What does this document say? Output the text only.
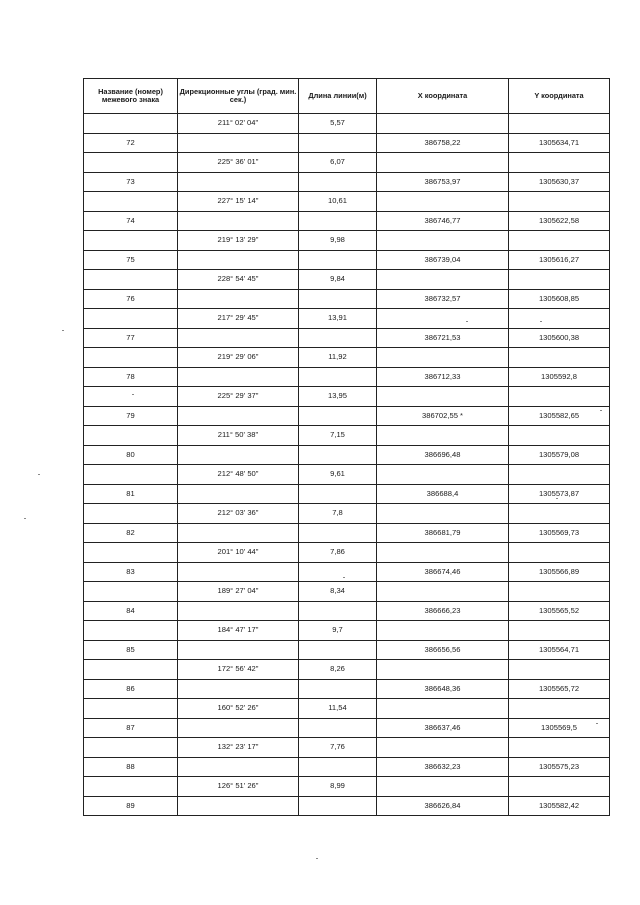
Название (номер) межевого знака	Дирекционные углы (град. мин. сек.)	Длина линии(м)	X координата	Y координата
	211° 02' 04"	5,57		
72			386758,22	1305634,71
	225° 36' 01"	6,07		
73			386753,97	1305630,37
	227° 15' 14"	10,61		
74			386746,77	1305622,58
	219° 13' 29"	9,98		
75			386739,04	1305616,27
	228° 54' 45"	9,84		
76			386732,57	1305608,85
	217° 29' 45"	13,91		
77			386721,53	1305600,38
	219° 29' 06"	11,92		
78			386712,33	1305592,8
	225° 29' 37"	13,95		
79			386702,55 *	1305582,65
	211° 50' 38"	7,15		
80			386696,48	1305579,08
	212° 48' 50"	9,61		
81			386688,4	1305573,87
	212° 03' 36"	7,8		
82			386681,79	1305569,73
	201° 10' 44"	7,86		
83			386674,46	1305566,89
	189° 27' 04"	8,34		
84			386666,23	1305565,52
	184° 47' 17"	9,7		
85			386656,56	1305564,71
	172° 56' 42"	8,26		
86			386648,36	1305565,72
	160° 52' 26"	11,54		
87			386637,46	1305569,5
	132° 23' 17"	7,76		
88			386632,23	1305575,23
	126° 51' 26"	8,99		
89			386626,84	1305582,42
